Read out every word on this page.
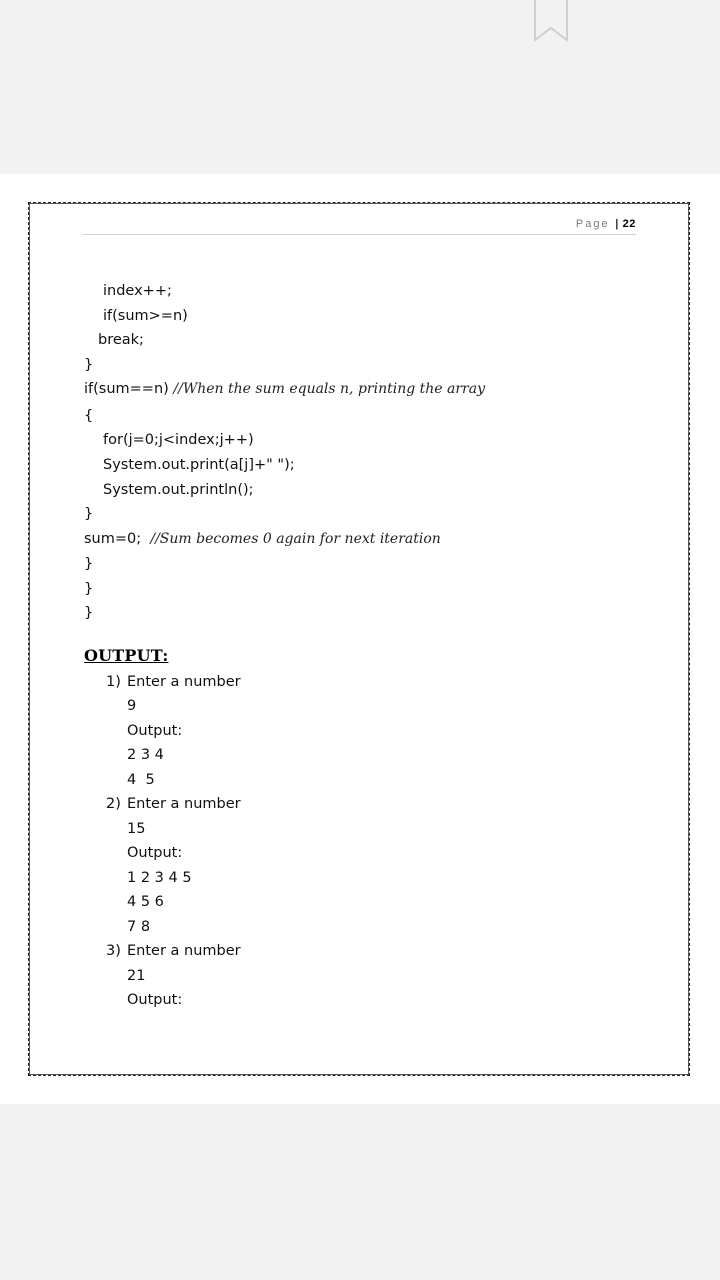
Page | 22
index++;
if(sum>=n)
break;
}
if(sum==n) //When the sum equals n, printing the array
{
for(j=0;j<index;j++)
System.out.print(a[j]+" ");
System.out.println();
}
sum=0; //Sum becomes 0 again for next iteration
}
}
}
OUTPUT:
1) Enter a number
9
Output:
2 3 4
4  5
2) Enter a number
15
Output:
1 2 3 4 5
4 5 6
7 8
3) Enter a number
21
Output:
